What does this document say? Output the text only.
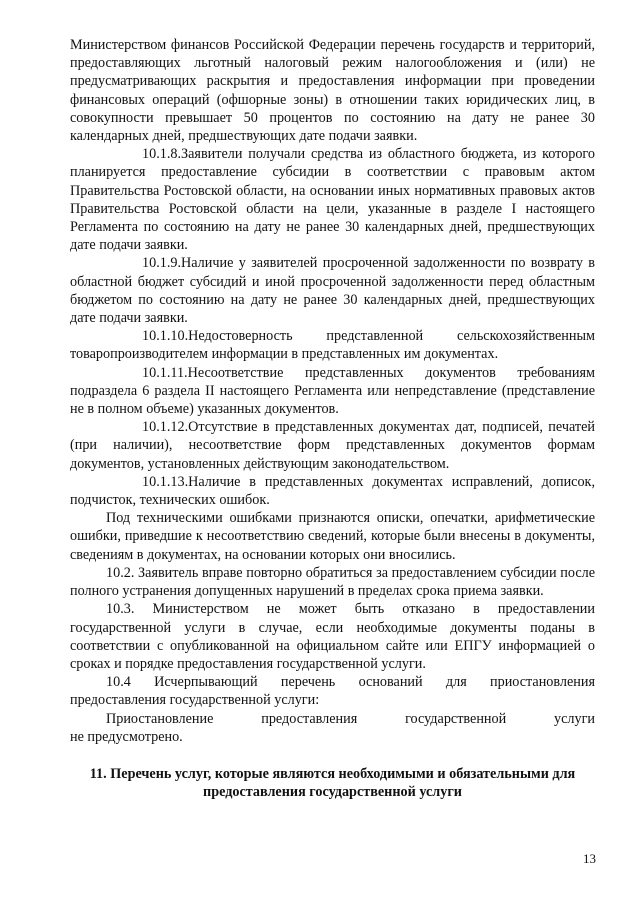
Министерством финансов Российской Федерации перечень государств и территорий, предоставляющих льготный налоговый режим налогообложения и (или) не предусматривающих раскрытия и предоставления информации при проведении финансовых операций (офшорные зоны) в отношении таких юридических лиц, в совокупности превышает 50 процентов по состоянию на дату не ранее 30 календарных дней, предшествующих дате подачи заявки.

10.1.8.Заявители получали средства из областного бюджета, из которого планируется предоставление субсидии в соответствии с правовым актом Правительства Ростовской области, на основании иных нормативных правовых актов Правительства Ростовской области на цели, указанные в разделе I настоящего Регламента по состоянию на дату не ранее 30 календарных дней, предшествующих дате подачи заявки.

10.1.9.Наличие у заявителей просроченной задолженности по возврату в областной бюджет субсидий и иной просроченной задолженности перед областным бюджетом по состоянию на дату не ранее 30 календарных дней, предшествующих дате подачи заявки.

10.1.10.Недостоверность представленной сельскохозяйственным товаропроизводителем информации в представленных им документах.

10.1.11.Несоответствие представленных документов требованиям подраздела 6 раздела II настоящего Регламента или непредставление (представление не в полном объеме) указанных документов.

10.1.12.Отсутствие в представленных документах дат, подписей, печатей (при наличии), несоответствие форм представленных документов формам документов, установленных действующим законодательством.

10.1.13.Наличие в представленных документах исправлений, дописок, подчисток, технических ошибок.

Под техническими ошибками признаются описки, опечатки, арифметические ошибки, приведшие к несоответствию сведений, которые были внесены в документы, сведениям в документах, на основании которых они вносились.

10.2. Заявитель вправе повторно обратиться за предоставлением субсидии после полного устранения допущенных нарушений в пределах срока приема заявки.

10.3. Министерством не может быть отказано в предоставлении государственной услуги в случае, если необходимые документы поданы в соответствии с опубликованной на официальном сайте или ЕПГУ информацией о сроках и порядке предоставления государственной услуги.

10.4 Исчерпывающий перечень оснований для приостановления предоставления государственной услуги:

Приостановление предоставления государственной услуги

не предусмотрено.

11. Перечень услуг, которые являются необходимыми и обязательными для предоставления государственной услуги
13
